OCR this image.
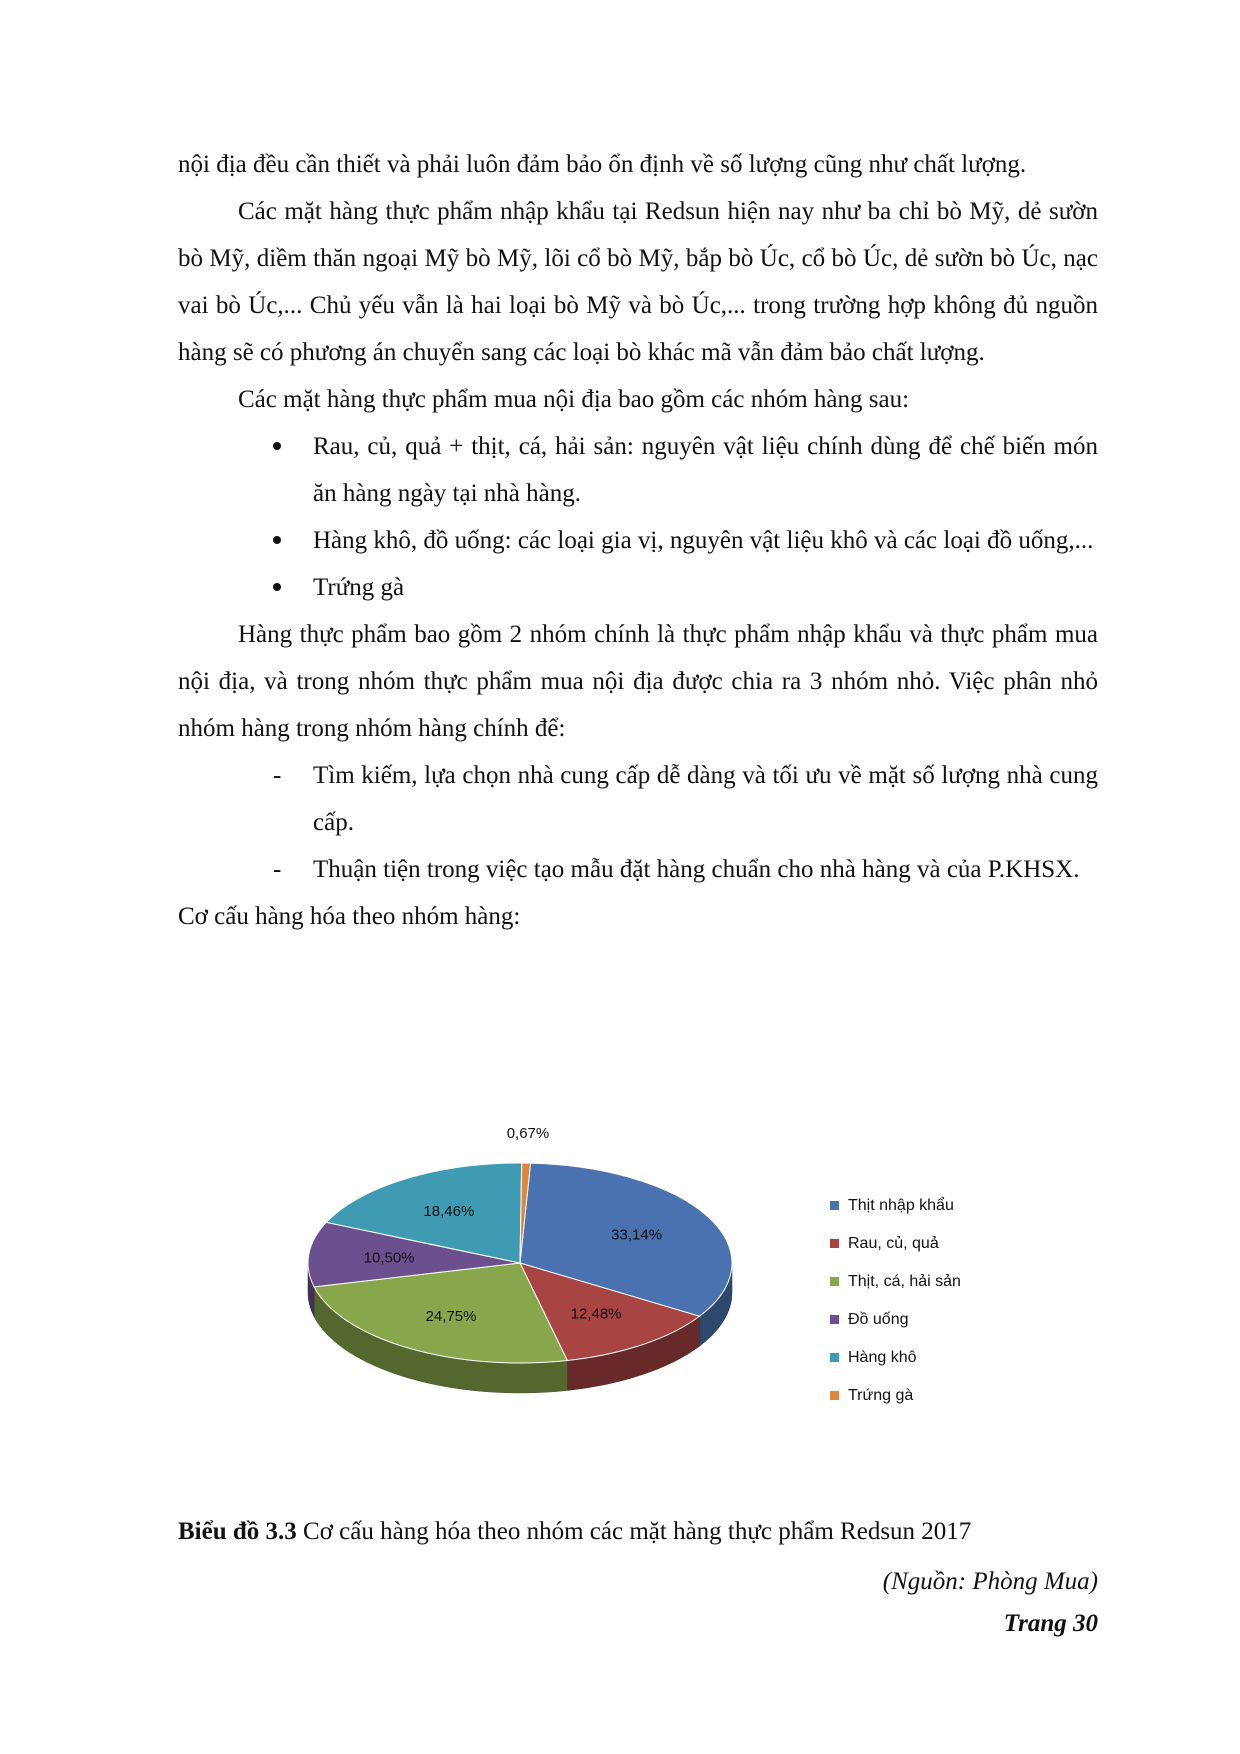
nội địa đều cần thiết và phải luôn đảm bảo ổn định về số lượng cũng như chất lượng.

Các mặt hàng thực phẩm nhập khẩu tại Redsun hiện nay như ba chỉ bò Mỹ, dẻ sườn bò Mỹ, diềm thăn ngoại Mỹ bò Mỹ, lõi cổ bò Mỹ, bắp bò Úc, cổ bò Úc, dẻ sườn bò Úc, nạc vai bò Úc,... Chủ yếu vẫn là hai loại bò Mỹ và bò Úc,... trong trường hợp không đủ nguồn hàng sẽ có phương án chuyển sang các loại bò khác mã vẫn đảm bảo chất lượng.

Các mặt hàng thực phẩm mua nội địa bao gồm các nhóm hàng sau:

Rau, củ, quả + thịt, cá, hải sản: nguyên vật liệu chính dùng để chế biến món ăn hàng ngày tại nhà hàng.

Hàng khô, đồ uống: các loại gia vị, nguyên vật liệu khô và các loại đồ uống,...

Trứng gà

Hàng thực phẩm bao gồm 2 nhóm chính là thực phẩm nhập khẩu và thực phẩm mua nội địa, và trong nhóm thực phẩm mua nội địa được chia ra 3 nhóm nhỏ. Việc phân nhỏ nhóm hàng trong nhóm hàng chính để:

- Tìm kiếm, lựa chọn nhà cung cấp dễ dàng và tối ưu về mặt số lượng nhà cung cấp.

- Thuận tiện trong việc tạo mẫu đặt hàng chuẩn cho nhà hàng và của P.KHSX.

Cơ cấu hàng hóa theo nhóm hàng:

33,14%
12,48%
24,75%
10,50%
18,46%
0,67%
Thịt nhập khẩu
Rau, củ, quả
Thịt, cá, hải sản
Đồ uống
Hàng khô
Trứng gà
Biểu đồ 3.3 Cơ cấu hàng hóa theo nhóm các mặt hàng thực phẩm Redsun 2017
(Nguồn: Phòng Mua)
Trang 30
